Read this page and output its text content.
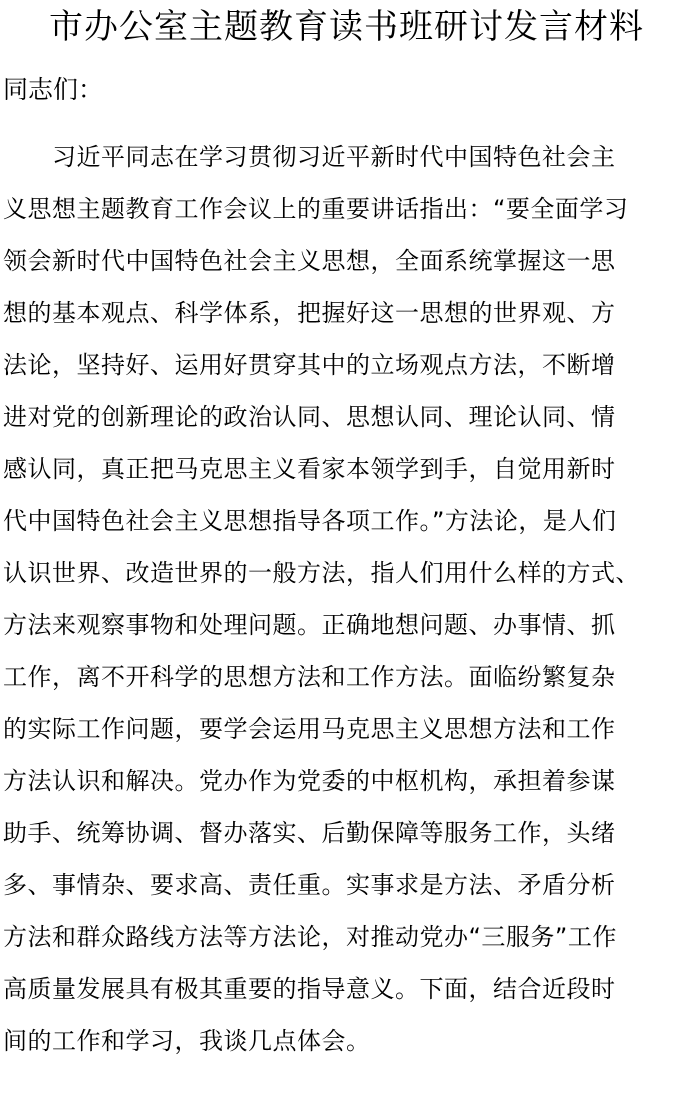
市办公室主题教育读书班研讨发言材料
同志们：
　　习近平同志在学习贯彻习近平新时代中国特色社会主
义思想主题教育工作会议上的重要讲话指出：“要全面学习
领会新时代中国特色社会主义思想，全面系统掌握这一思
想的基本观点、科学体系，把握好这一思想的世界观、方
法论，坚持好、运用好贯穿其中的立场观点方法，不断增
进对党的创新理论的政治认同、思想认同、理论认同、情
感认同，真正把马克思主义看家本领学到手，自觉用新时
代中国特色社会主义思想指导各项工作。”方法论，是人们
认识世界、改造世界的一般方法，指人们用什么样的方式、
方法来观察事物和处理问题。正确地想问题、办事情、抓
工作，离不开科学的思想方法和工作方法。面临纷繁复杂
的实际工作问题，要学会运用马克思主义思想方法和工作
方法认识和解决。党办作为党委的中枢机构，承担着参谋
助手、统筹协调、督办落实、后勤保障等服务工作，头绪
多、事情杂、要求高、责任重。实事求是方法、矛盾分析
方法和群众路线方法等方法论，对推动党办“三服务”工作
高质量发展具有极其重要的指导意义。下面，结合近段时
间的工作和学习，我谈几点体会。
